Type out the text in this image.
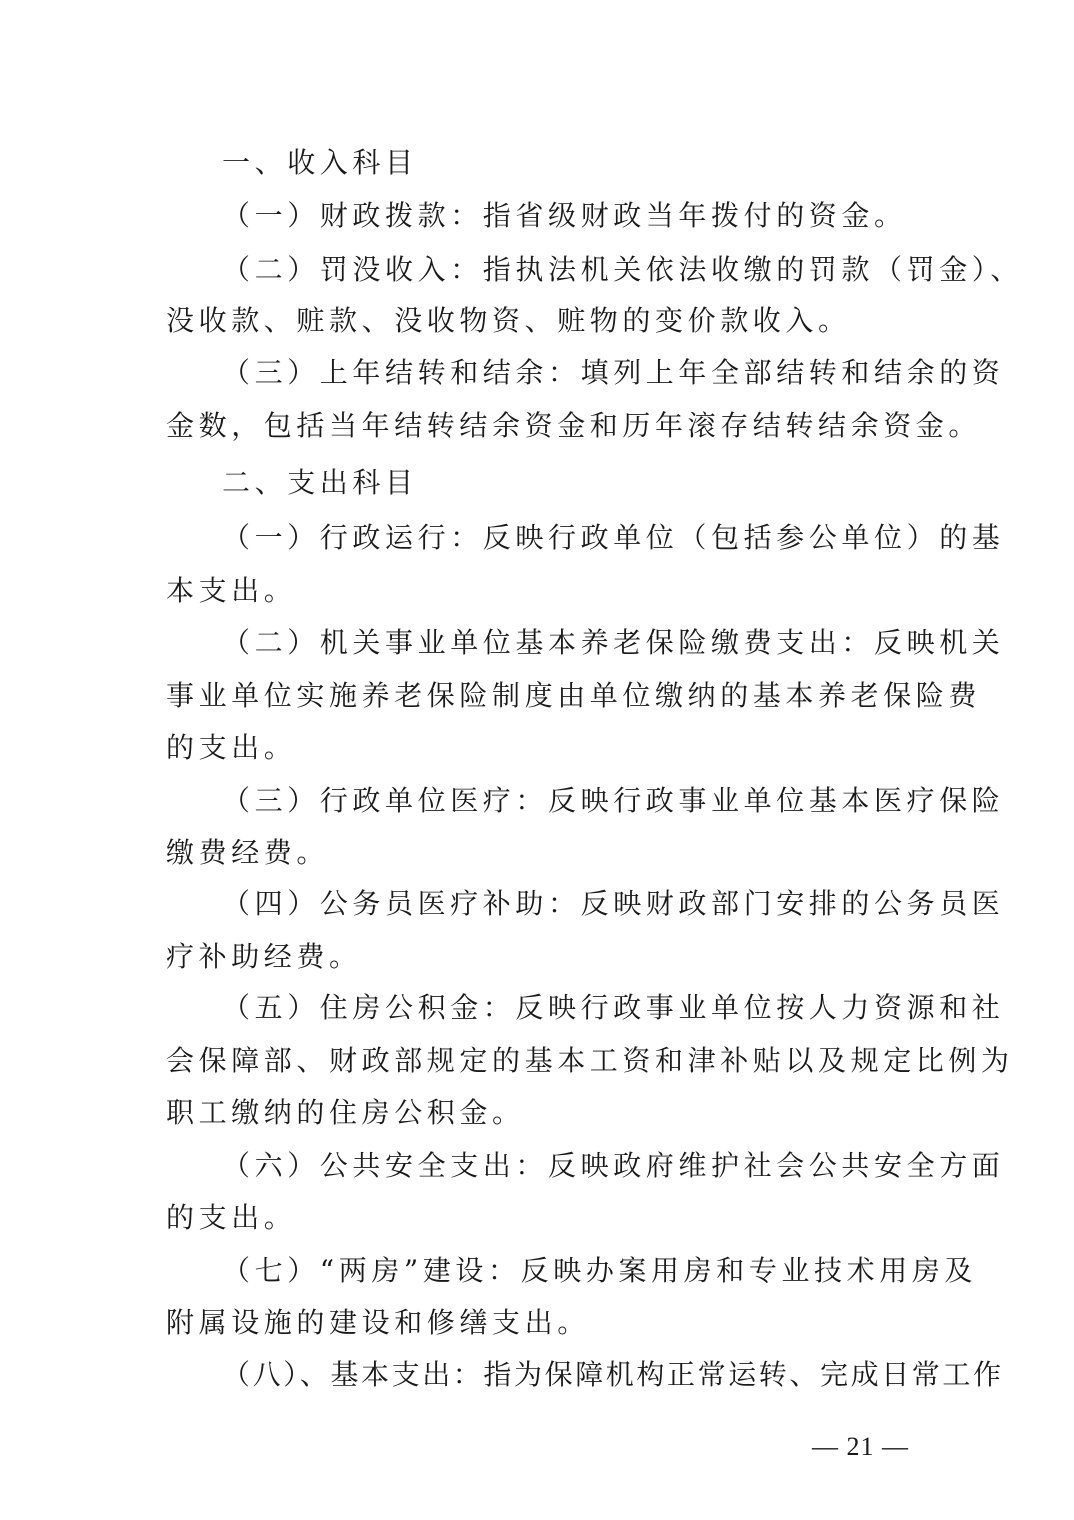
一、收入科目
（一）财政拨款：指省级财政当年拨付的资金。
（二）罚没收入：指执法机关依法收缴的罚款（罚金）、
没收款、赃款、没收物资、赃物的变价款收入。
（三）上年结转和结余：填列上年全部结转和结余的资
金数，包括当年结转结余资金和历年滚存结转结余资金。
二、支出科目
（一）行政运行：反映行政单位（包括参公单位）的基
本支出。
（二）机关事业单位基本养老保险缴费支出：反映机关
事业单位实施养老保险制度由单位缴纳的基本养老保险费
的支出。
（三）行政单位医疗：反映行政事业单位基本医疗保险
缴费经费。
（四）公务员医疗补助：反映财政部门安排的公务员医
疗补助经费。
（五）住房公积金：反映行政事业单位按人力资源和社
会保障部、财政部规定的基本工资和津补贴以及规定比例为
职工缴纳的住房公积金。
（六）公共安全支出：反映政府维护社会公共安全方面
的支出。
（七）“两房”建设：反映办案用房和专业技术用房及
附属设施的建设和修缮支出。
（八）、基本支出：指为保障机构正常运转、完成日常工作
— 21 —
